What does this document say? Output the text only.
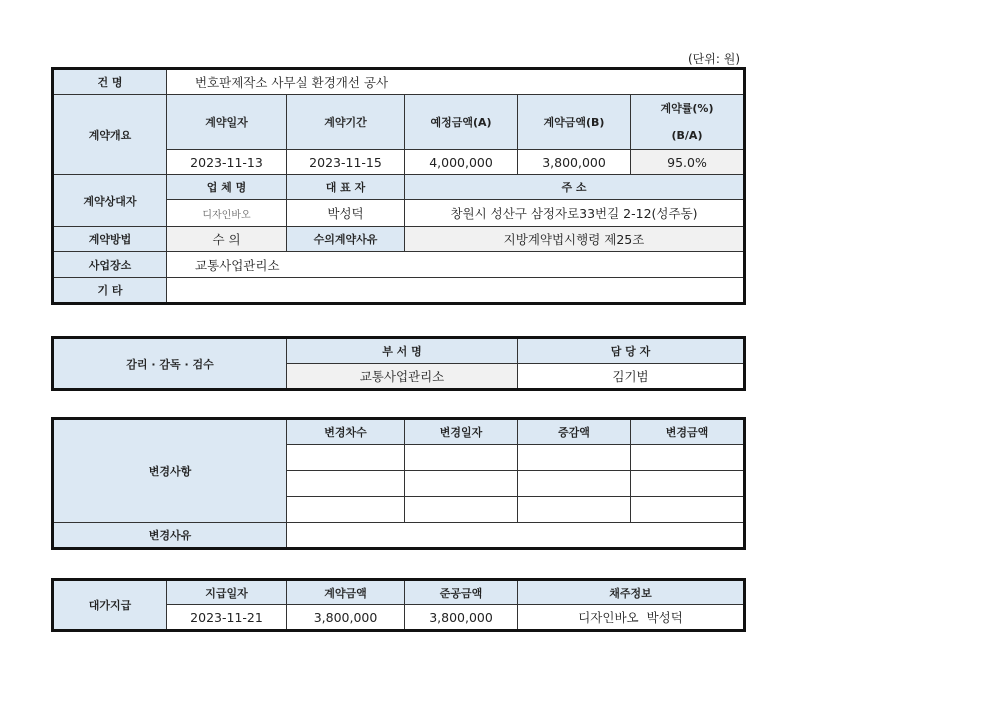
(단위: 원)
건 명	번호판제작소 사무실 환경개선 공사				
계약개요	계약일자	계약기간	예정금액(A)	계약금액(B)	계약률(%)
(B/A)

	2023-11-13	2023-11-15	4,000,000	3,800,000	95.0%
계약상대자	업 체 명	대 표 자	주 소		
	디자인바오	박성덕	창원시 성산구 삼정자로33번길 2-12(성주동)		
계약방법	수 의	수의계약사유	지방계약법시행령 제25조		
사업장소	교통사업관리소				
기 타					
감리 · 감독 · 검수	부 서 명	담 당 자
	교통사업관리소	김기범
변경사항	변경차수	변경일자	증감액	변경금액

변경사유				
대가지급	지급일자	계약금액	준공금액	채주정보
	2023-11-21	3,800,000	3,800,000	디자인바오  박성덕
